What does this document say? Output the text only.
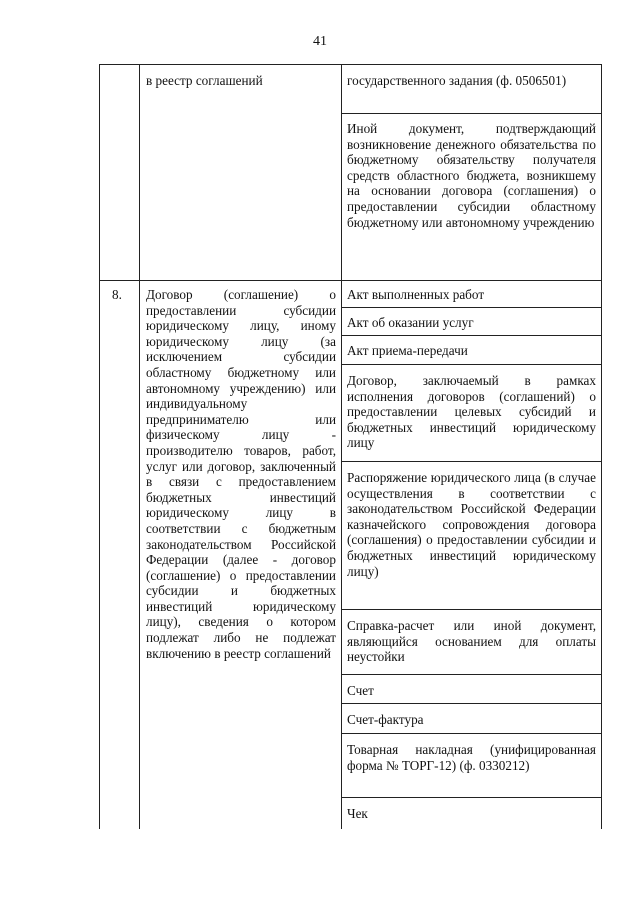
41
в реестр соглашений	государственного задания (ф. 0506501)
Иной документ, подтверждающий возникновение денежного обязательства по бюджетному обязательству получателя средств областного бюджета, возникшему на основании договора (соглашения) о предоставлении субсидии областному бюджетному или автономному учреждению
8. Договор (соглашение) о предоставлении субсидии юридическому лицу, иному юридическому лицу (за исключением субсидии областному бюджетному или автономному учреждению) или индивидуальному предпринимателю или физическому лицу - производителю товаров, работ, услуг или договор, заключенный в связи с предоставлением бюджетных инвестиций юридическому лицу в соответствии с бюджетным законодательством Российской Федерации (далее - договор (соглашение) о предоставлении субсидии и бюджетных инвестиций юридическому лицу), сведения о котором подлежат либо не подлежат включению в реестр соглашений
Акт выполненных работ
Акт об оказании услуг
Акт приема-передачи
Договор, заключаемый в рамках исполнения договоров (соглашений) о предоставлении целевых субсидий и бюджетных инвестиций юридическому лицу
Распоряжение юридического лица (в случае осуществления в соответствии с законодательством Российской Федерации казначейского сопровождения договора (соглашения) о предоставлении субсидии и бюджетных инвестиций юридическому лицу)
Справка-расчет или иной документ, являющийся основанием для оплаты неустойки
Счет
Счет-фактура
Товарная накладная (унифицированная форма № ТОРГ-12) (ф. 0330212)
Чек
